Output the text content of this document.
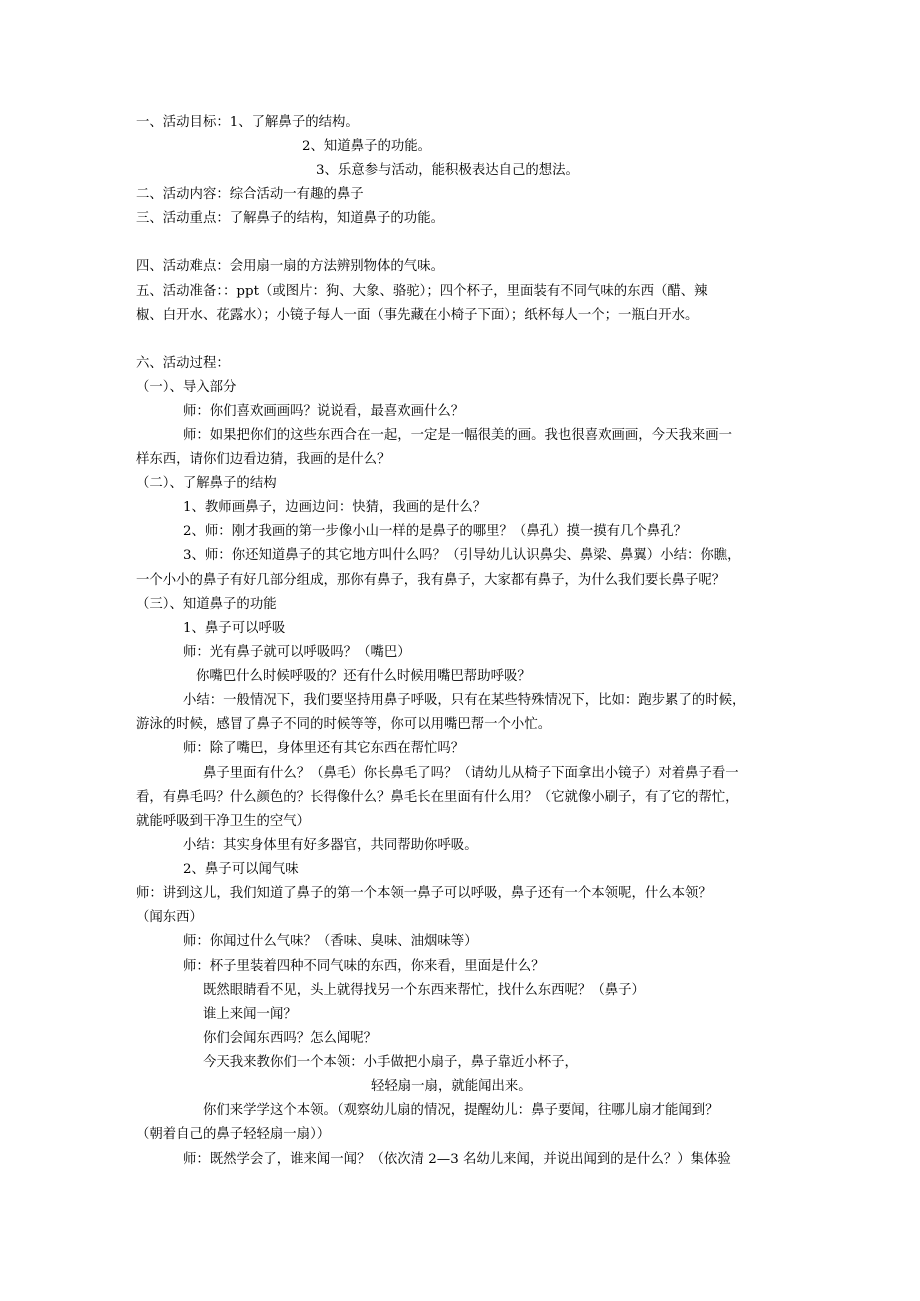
一、活动目标：1、了解鼻子的结构。
2、知道鼻子的功能。
3、乐意参与活动，能积极表达自己的想法。
二、活动内容：综合活动一有趣的鼻子
三、活动重点：了解鼻子的结构，知道鼻子的功能。
四、活动难点：会用扇一扇的方法辨别物体的气味。
五、活动准备：：ppt（或图片：狗、大象、骆驼）；四个杯子，里面装有不同气味的东西（醋、辣
椒、白开水、花露水）；小镜子每人一面（事先藏在小椅子下面）；纸杯每人一个；一瓶白开水。
六、活动过程：
（一）、导入部分
师：你们喜欢画画吗？说说看，最喜欢画什么？
师：如果把你们的这些东西合在一起，一定是一幅很美的画。我也很喜欢画画，今天我来画一
样东西，请你们边看边猜，我画的是什么？
（二）、了解鼻子的结构
1、教师画鼻子，边画边问：快猜，我画的是什么？
2、师：刚才我画的第一步像小山一样的是鼻子的哪里？（鼻孔）摸一摸有几个鼻孔？
3、师：你还知道鼻子的其它地方叫什么吗？（引导幼儿认识鼻尖、鼻梁、鼻翼）小结：你瞧，
一个小小的鼻子有好几部分组成，那你有鼻子，我有鼻子，大家都有鼻子，为什么我们要长鼻子呢？
（三）、知道鼻子的功能
1、鼻子可以呼吸
师：光有鼻子就可以呼吸吗？（嘴巴）
你嘴巴什么时候呼吸的？还有什么时候用嘴巴帮助呼吸？
小结：一般情况下，我们要坚持用鼻子呼吸，只有在某些特殊情况下，比如：跑步累了的时候，
游泳的时候，感冒了鼻子不同的时候等等，你可以用嘴巴帮一个小忙。
师：除了嘴巴，身体里还有其它东西在帮忙吗？
鼻子里面有什么？（鼻毛）你长鼻毛了吗？（请幼儿从椅子下面拿出小镜子）对着鼻子看一
看，有鼻毛吗？什么颜色的？长得像什么？鼻毛长在里面有什么用？（它就像小刷子，有了它的帮忙，
就能呼吸到干净卫生的空气）
小结：其实身体里有好多器官，共同帮助你呼吸。
2、鼻子可以闻气味
师：讲到这儿，我们知道了鼻子的第一个本领一鼻子可以呼吸，鼻子还有一个本领呢，什么本领？
（闻东西）
师：你闻过什么气味？（香味、臭味、油烟味等）
师：杯子里装着四种不同气味的东西，你来看，里面是什么？
既然眼睛看不见，头上就得找另一个东西来帮忙，找什么东西呢？（鼻子）
谁上来闻一闻？
你们会闻东西吗？怎么闻呢？
今天我来教你们一个本领：小手做把小扇子，鼻子靠近小杯子，
轻轻扇一扇，就能闻出来。
你们来学学这个本领。（观察幼儿扇的情况，提醒幼儿：鼻子要闻，往哪儿扇才能闻到？
（朝着自己的鼻子轻轻扇一扇））
师：既然学会了，谁来闻一闻？（依次清 2—3 名幼儿来闻，并说出闻到的是什么？）集体验
